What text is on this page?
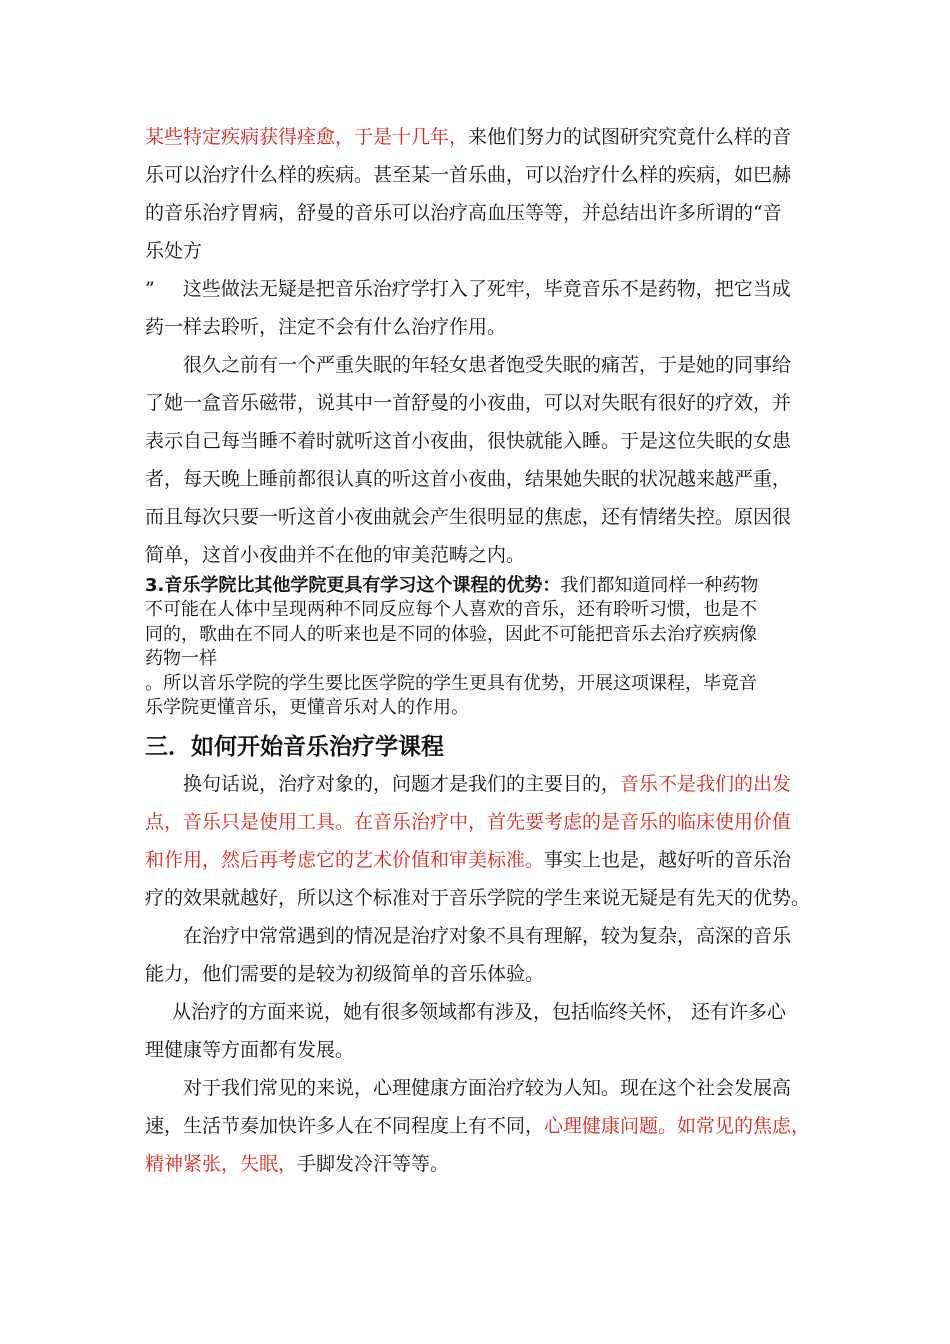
某些特定疾病获得痊愈，于是十几年，来他们努力的试图研究究竟什么样的音
乐可以治疗什么样的疾病。甚至某一首乐曲，可以治疗什么样的疾病，如巴赫
的音乐治疗胃病，舒曼的音乐可以治疗高血压等等，并总结出许多所谓的“音
乐处方
” 这些做法无疑是把音乐治疗学打入了死牢，毕竟音乐不是药物，把它当成
药一样去聆听，注定不会有什么治疗作用。
很久之前有一个严重失眠的年轻女患者饱受失眠的痛苦，于是她的同事给
了她一盒音乐磁带，说其中一首舒曼的小夜曲，可以对失眠有很好的疗效，并
表示自己每当睡不着时就听这首小夜曲，很快就能入睡。于是这位失眠的女患
者，每天晚上睡前都很认真的听这首小夜曲，结果她失眠的状况越来越严重，
而且每次只要一听这首小夜曲就会产生很明显的焦虑，还有情绪失控。原因很
简单，这首小夜曲并不在他的审美范畴之内。
3.音乐学院比其他学院更具有学习这个课程的优势：我们都知道同样一种药物
不可能在人体中呈现两种不同反应每个人喜欢的音乐，还有聆听习惯，也是不
同的，歌曲在不同人的听来也是不同的体验，因此不可能把音乐去治疗疾病像
药物一样
。所以音乐学院的学生要比医学院的学生更具有优势，开展这项课程，毕竟音
乐学院更懂音乐，更懂音乐对人的作用。
三．如何开始音乐治疗学课程
换句话说，治疗对象的，问题才是我们的主要目的，音乐不是我们的出发
点，音乐只是使用工具。在音乐治疗中，首先要考虑的是音乐的临床使用价值
和作用，然后再考虑它的艺术价值和审美标准。事实上也是，越好听的音乐治
疗的效果就越好，所以这个标准对于音乐学院的学生来说无疑是有先天的优势。
在治疗中常常遇到的情况是治疗对象不具有理解，较为复杂，高深的音乐
能力，他们需要的是较为初级简单的音乐体验。
从治疗的方面来说，她有很多领域都有涉及，包括临终关怀， 还有许多心
理健康等方面都有发展。
对于我们常见的来说，心理健康方面治疗较为人知。现在这个社会发展高
速，生活节奏加快许多人在不同程度上有不同，心理健康问题。如常见的焦虑，
精神紧张，失眠，手脚发冷汗等等。
